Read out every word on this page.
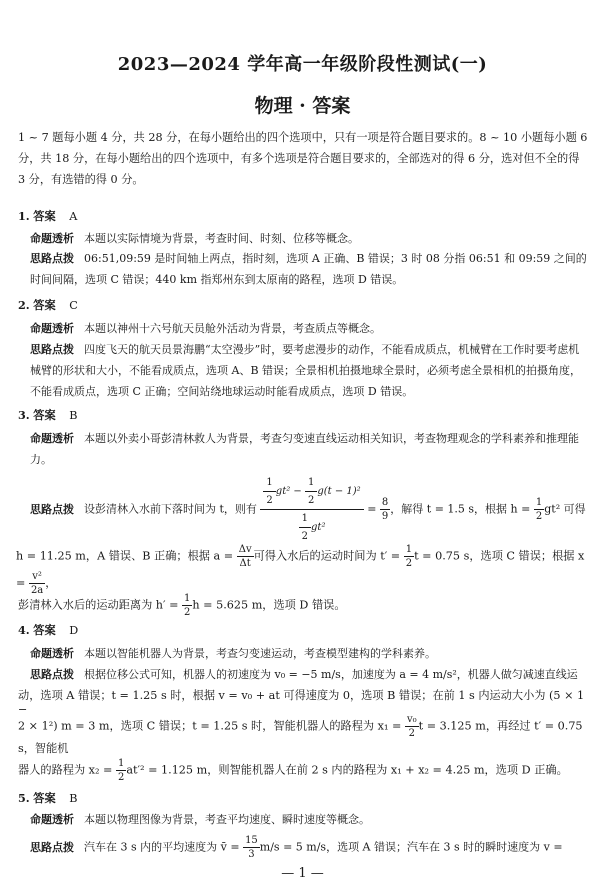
2023—2024 学年高一年级阶段性测试(一)
物理 · 答案
1 ~ 7 题每小题 4 分，共 28 分，在每小题给出的四个选项中，只有一项是符合题目要求的。8 ~ 10 小题每小题 6 分，共 18 分，在每小题给出的四个选项中，有多个选项是符合题目要求的，全部选对的得 6 分，选对但不全的得 3 分，有选错的得 0 分。
1. 答案 A
命题透析 本题以实际情境为背景，考查时间、时刻、位移等概念。
思路点拨 06:51,09:59 是时间轴上两点，指时刻，选项 A 正确、B 错误；3 时 08 分指 06:51 和 09:59 之间的时间间隔，选项 C 错误；440 km 指郑州东到太原南的路程，选项 D 错误。
2. 答案 C
命题透析 本题以神州十六号航天员舱外活动为背景，考查质点等概念。
思路点拨 四度飞天的航天员景海鹏“太空漫步”时，要考虑漫步的动作，不能看成质点，机械臂在工作时要考虑机械臂的形状和大小，不能看成质点，选项 A、B 错误；全景相机拍摄地球全景时，必须考虑全景相机的拍摄角度，不能看成质点，选项 C 正确；空间站绕地球运动时能看成质点，选项 D 错误。
3. 答案 B
命题透析 本题以外卖小哥彭清林救人为背景，考查匀变速直线运动相关知识，考查物理观念的学科素养和推理能力。
思路点拨 设彭清林入水前下落时间为 t，则有 $\frac{\frac{1}{2} gt^2 - \frac{1}{2} g(t - 1)^2}{\frac{1}{2} gt^2} = \frac{8}{9}$ ，解得 t = 1.5 s，根据 $h = \frac{1}{2} gt^2$ 可得
h = 11.25 m，A 错误、B 正确；根据 $a = \frac{\Delta v}{\Delta t}$ 可得入水后的运动时间为 $t' = \frac{1}{2}$ t = 0.75 s，选项 C 错误；根据 $x = \frac{\text{v²}}{2a}$ ，
彭清林入水后的运动距离为 $h' = \frac{1}{2}$ h = 5.625 m，选项 D 错误。
4. 答案 D
命题透析 本题以智能机器人为背景，考查匀变速运动，考查模型建构的学科素养。
思路点拨 根据位移公式可知，机器人的初速度为 v₀ = −5 m/s，加速度为 a = 4 m/s²，机器人做匀减速直线运
动，选项 A 错误；t = 1.25 s 时，根据 v = v₀ + at 可得速度为 0，选项 B 错误；在前 1 s 内运动大小为 (5 × 1 −
2 × 1²) m = 3 m，选项 C 错误；t = 1.25 s 时，智能机器人的路程为 $x_1 = \frac{\text{v₀}}{2}$ t = 3.125 m，再经过 t′ = 0.75 s，智能机
器人的路程为 $x_2 = \frac{1}{2} at'^2 = 1.125$ m，则智能机器人在前 2 s 内的路程为 x₁ + x₂ = 4.25 m，选项 D 正确。
5. 答案 B
命题透析 本题以物理图像为背景，考查平均速度、瞬时速度等概念。
思路点拨 汽车在 3 s 内的平均速度为 v̄ = $\frac{15}{3} m/s = 5$ m/s，选项 A 错误；汽车在 3 s 时的瞬时速度为 v =
— 1 —
